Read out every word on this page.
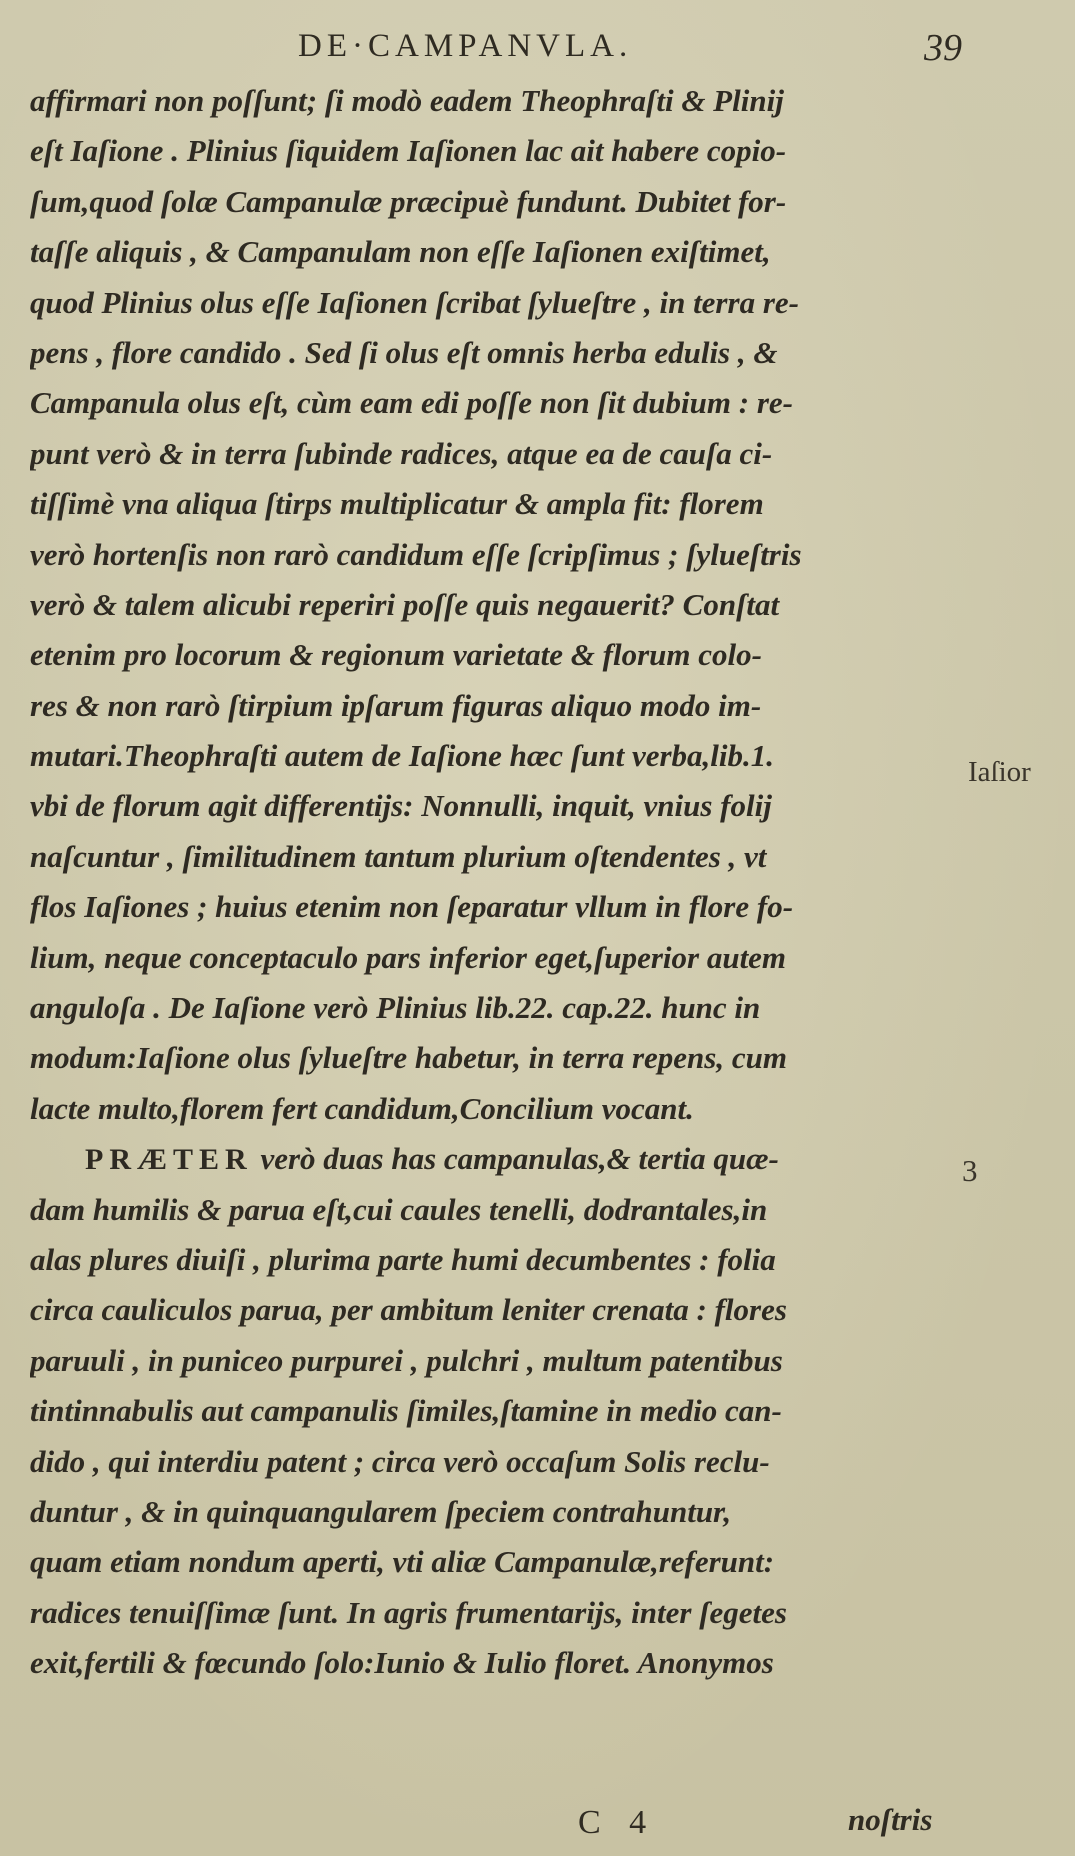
DE·CAMPANVLA.	39
affirmari non poſſunt; ſi modò eadem Theophraſti & Plinij
eſt Iaſione . Plinius ſiquidem Iaſionen lac ait habere copio-
ſum,quod ſolæ Campanulæ præcipuè fundunt. Dubitet for-
taſſe aliquis , & Campanulam non eſſe Iaſionen exiſtimet,
quod Plinius olus eſſe Iaſionen ſcribat ſylueſtre , in terra re-
pens , flore candido . Sed ſi olus eſt omnis herba edulis , &
Campanula olus eſt, cùm eam edi poſſe non ſit dubium : re-
punt verò & in terra ſubinde radices, atque ea de cauſa ci-
tiſſimè vna aliqua ſtirps multiplicatur & ampla fit: florem
verò hortenſis non rarò candidum eſſe ſcripſimus ; ſylueſtris
verò & talem alicubi reperiri poſſe quis negauerit? Conſtat
etenim pro locorum & regionum varietate & florum colo-
res & non rarò ſtirpium ipſarum figuras aliquo modo im-
mutari.Theophraſti autem de Iaſione hæc ſunt verba,lib.1.
vbi de florum agit differentijs: Nonnulli, inquit, vnius folij
naſcuntur , ſimilitudinem tantum plurium oſtendentes , vt
flos Iaſiones ; huius etenim non ſeparatur vllum in flore fo-
lium, neque conceptaculo pars inferior eget,ſuperior autem
anguloſa . De Iaſione verò Plinius lib.22. cap.22. hunc in
modum:Iaſione olus ſylueſtre habetur, in terra repens, cum
lacte multo,florem fert candidum,Concilium vocant.
PRÆTER verò duas has campanulas,& tertia quæ-
dam humilis & parua eſt,cui caules tenelli, dodrantales,in
alas plures diuiſi , plurima parte humi decumbentes : folia
circa cauliculos parua, per ambitum leniter crenata : flores
paruuli , in puniceo purpurei , pulchri , multum patentibus
tintinnabulis aut campanulis ſimiles,ſtamine in medio can-
dido , qui interdiu patent ; circa verò occaſum Solis reclu-
duntur , & in quinquangularem ſpeciem contrahuntur,
quam etiam nondum aperti, vti aliæ Campanulæ,referunt:
radices tenuiſſimæ ſunt. In agris frumentarijs, inter ſegetes
exit,fertili & fœcundo ſolo:Iunio & Iulio floret. Anonymos
Iaſior
3
C 4	noſtris
